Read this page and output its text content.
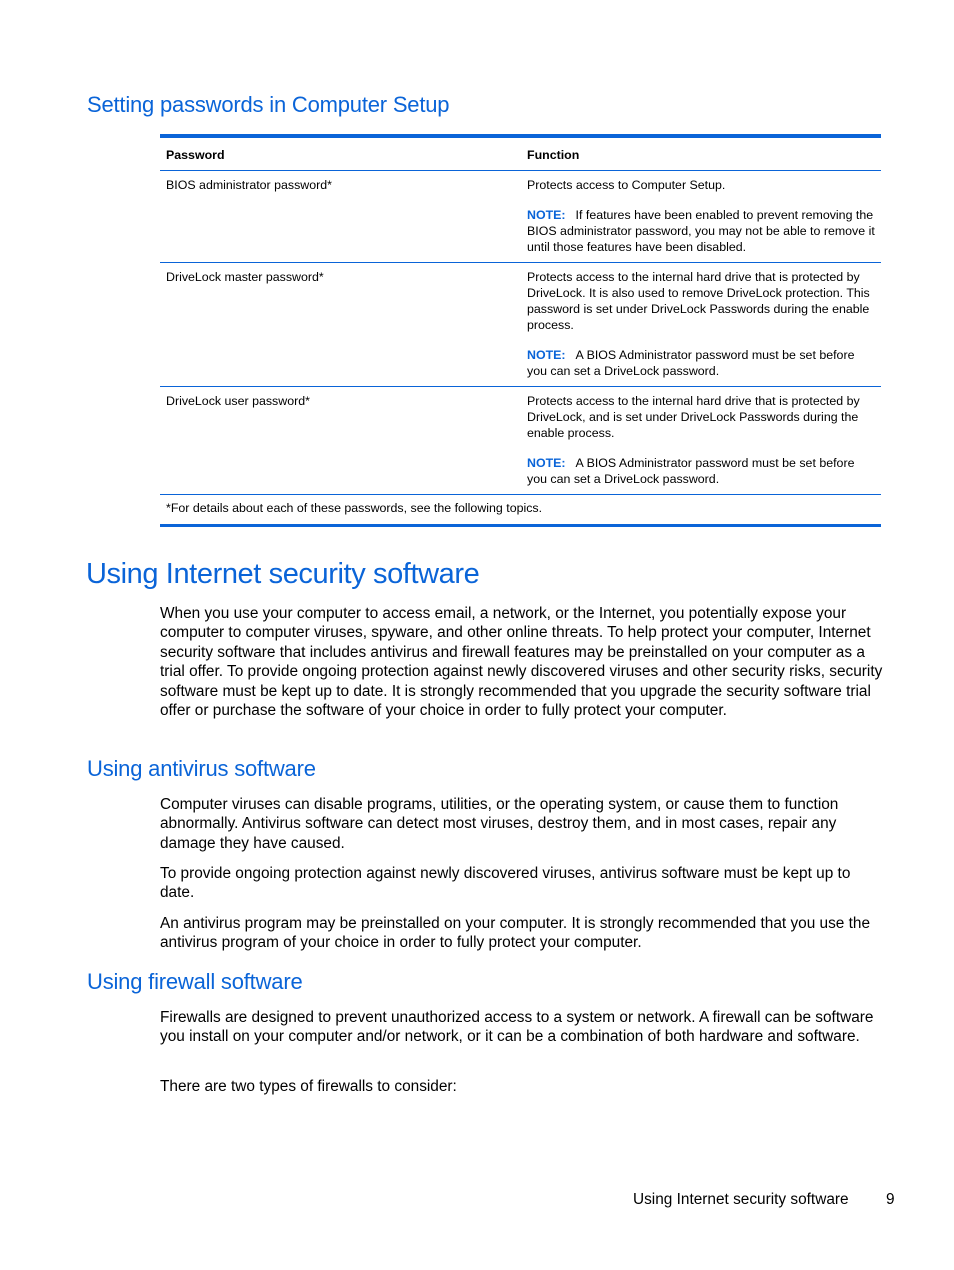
Setting passwords in Computer Setup
Password	Function
BIOS administrator password*	Protects access to Computer Setup.

NOTE: If features have been enabled to prevent removing the BIOS administrator password, you may not be able to remove it until those features have been disabled.

DriveLock master password*	Protects access to the internal hard drive that is protected by DriveLock. It is also used to remove DriveLock protection. This password is set under DriveLock Passwords during the enable process.

NOTE: A BIOS Administrator password must be set before you can set a DriveLock password.

DriveLock user password*	Protects access to the internal hard drive that is protected by DriveLock, and is set under DriveLock Passwords during the enable process.

NOTE: A BIOS Administrator password must be set before you can set a DriveLock password.

*For details about each of these passwords, see the following topics.	
Using Internet security software

When you use your computer to access email, a network, or the Internet, you potentially expose your computer to computer viruses, spyware, and other online threats. To help protect your computer, Internet security software that includes antivirus and firewall features may be preinstalled on your computer as a trial offer. To provide ongoing protection against newly discovered viruses and other security risks, security software must be kept up to date. It is strongly recommended that you upgrade the security software trial offer or purchase the software of your choice in order to fully protect your computer.

Using antivirus software

Computer viruses can disable programs, utilities, or the operating system, or cause them to function abnormally. Antivirus software can detect most viruses, destroy them, and in most cases, repair any damage they have caused.

To provide ongoing protection against newly discovered viruses, antivirus software must be kept up to date.

An antivirus program may be preinstalled on your computer. It is strongly recommended that you use the antivirus program of your choice in order to fully protect your computer.

Using firewall software

Firewalls are designed to prevent unauthorized access to a system or network. A firewall can be software you install on your computer and/or network, or it can be a combination of both hardware and software.

There are two types of firewalls to consider:

Using Internet security software 9
